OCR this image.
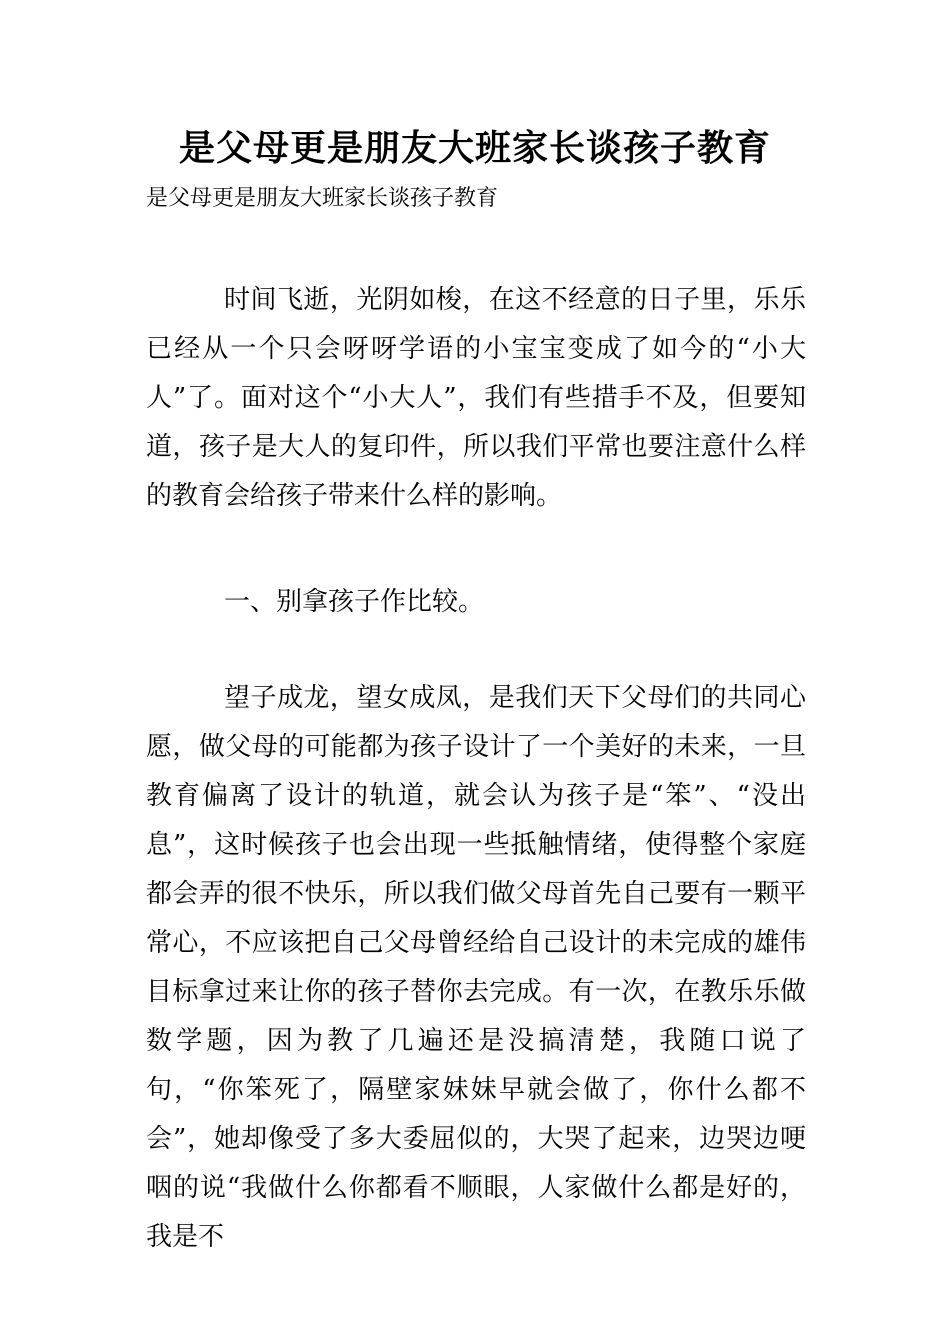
是父母更是朋友大班家长谈孩子教育
是父母更是朋友大班家长谈孩子教育

时间飞逝，光阴如梭，在这不经意的日子里，乐乐已经从一个只会呀呀学语的小宝宝变成了如今的“小大人”了。面对这个“小大人”，我们有些措手不及，但要知道，孩子是大人的复印件，所以我们平常也要注意什么样的教育会给孩子带来什么样的影响。

一、别拿孩子作比较。

望子成龙，望女成凤，是我们天下父母们的共同心愿，做父母的可能都为孩子设计了一个美好的未来，一旦教育偏离了设计的轨道，就会认为孩子是“笨”、“没出息”，这时候孩子也会出现一些抵触情绪，使得整个家庭都会弄的很不快乐，所以我们做父母首先自己要有一颗平常心，不应该把自己父母曾经给自己设计的未完成的雄伟目标拿过来让你的孩子替你去完成。有一次，在教乐乐做数学题，因为教了几遍还是没搞清楚，我随口说了句，“你笨死了，隔壁家妹妹早就会做了，你什么都不会”，她却像受了多大委屈似的，大哭了起来，边哭边哽咽的说“我做什么你都看不顺眼，人家做什么都是好的，我是不
